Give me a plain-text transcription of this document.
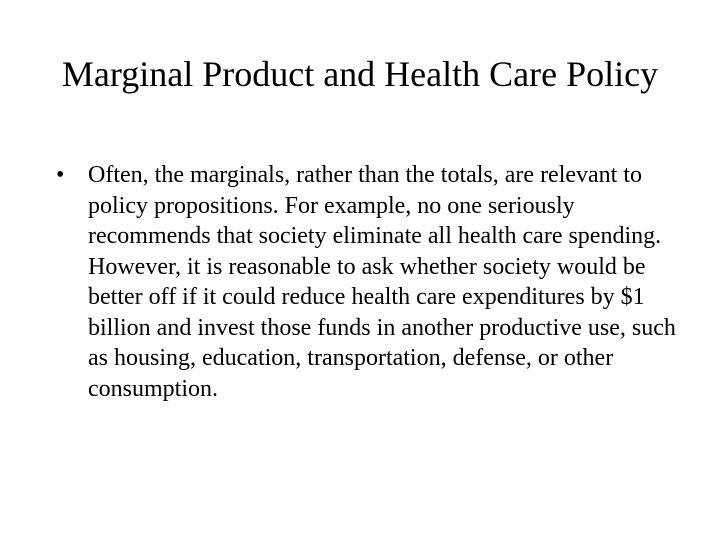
Marginal Product and Health Care Policy
• Often, the marginals, rather than the totals, are relevant to policy propositions. For example, no one seriously recommends that society eliminate all health care spending. However, it is reasonable to ask whether society would be better off if it could reduce health care expenditures by $1 billion and invest those funds in another productive use, such as housing, education, transportation, defense, or other consumption.
